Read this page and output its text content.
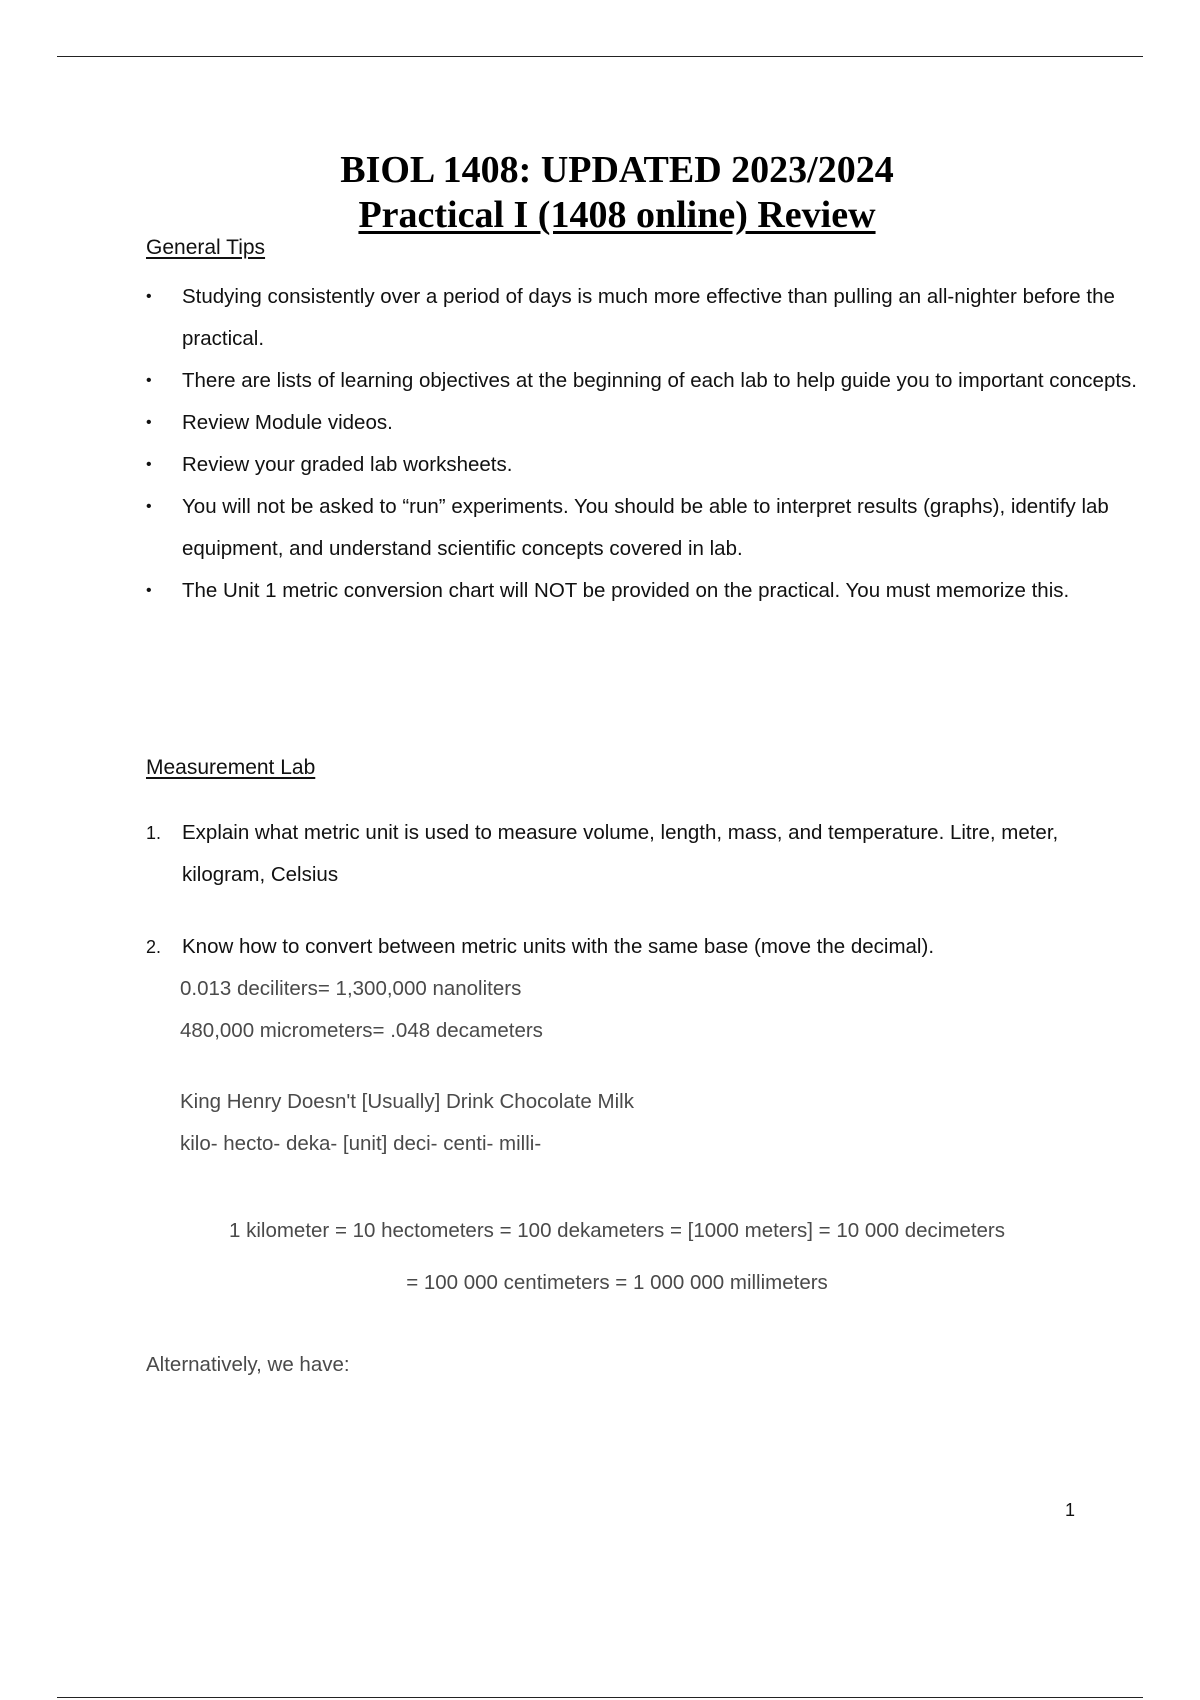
BIOL 1408: UPDATED 2023/2024
Practical I (1408 online) Review
General Tips
•	Studying consistently over a period of days is much more effective than pulling an all-nighter before the practical.
•	There are lists of learning objectives at the beginning of each lab to help guide you to important concepts.
•	Review Module videos.
•	Review your graded lab worksheets.
•	You will not be asked to “run” experiments. You should be able to interpret results (graphs), identify lab equipment, and understand scientific concepts covered in lab.
•	The Unit 1 metric conversion chart will NOT be provided on the practical. You must memorize this.
Measurement Lab
1. Explain what metric unit is used to measure volume, length, mass, and temperature. Litre, meter, kilogram, Celsius
2. Know how to convert between metric units with the same base (move the decimal).
0.013 deciliters= 1,300,000 nanoliters
480,000 micrometers= .048 decameters
King Henry Doesn't [Usually] Drink Chocolate Milk
kilo- hecto- deka- [unit] deci- centi- milli-
1 kilometer = 10 hectometers = 100 dekameters = [1000 meters] = 10 000 decimeters
= 100 000 centimeters = 1 000 000 millimeters
Alternatively, we have:
1
